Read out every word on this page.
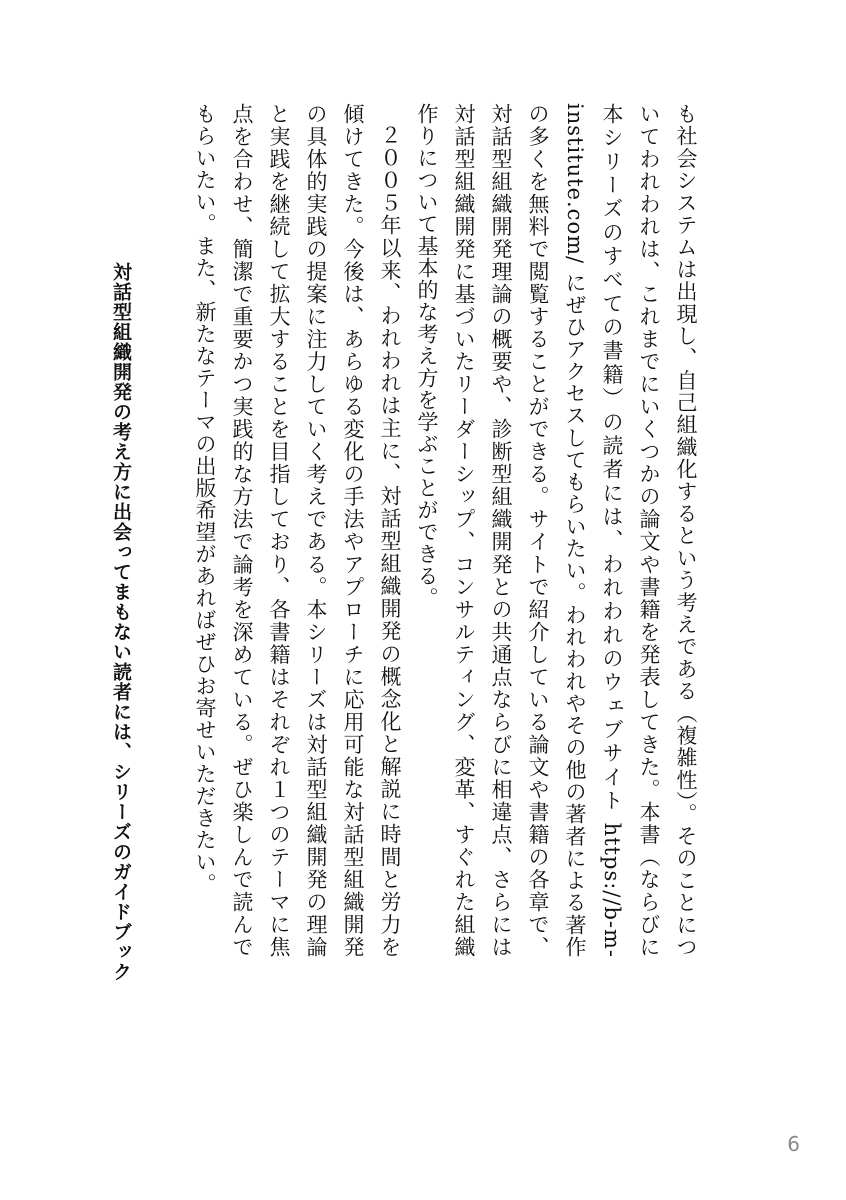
も社会システムは出現し、自己組織化するという考えである（複雑性）。そのことについてわれわれは、これまでにいくつかの論文や書籍を発表してきた。本書（ならびに本シリーズのすべての書籍）の読者には、われわれのウェブサイト https://b-m-institute.com/ にぜひアクセスしてもらいたい。われわれやその他の著者による著作の多くを無料で閲覧することができる。サイトで紹介している論文や書籍の各章で、対話型組織開発理論の概要や、診断型組織開発との共通点ならびに相違点、さらには対話型組織開発に基づいたリーダーシップ、コンサルティング、変革、すぐれた組織作りについて基本的な考え方を学ぶことができる。

２００５年以来、われわれは主に、対話型組織開発の概念化と解説に時間と労力を傾けてきた。今後は、あらゆる変化の手法やアプローチに応用可能な対話型組織開発の具体的実践の提案に注力していく考えである。本シリーズは対話型組織開発の理論と実践を継続して拡大することを目指しており、各書籍はそれぞれ１つのテーマに焦点を合わせ、簡潔で重要かつ実践的な方法で論考を深めている。ぜひ楽しんで読んでもらいたい。また、新たなテーマの出版希望があればぜひお寄せいただきたい。

対話型組織開発の考え方に出会ってまもない読者には、シリーズのガイドブック
6
